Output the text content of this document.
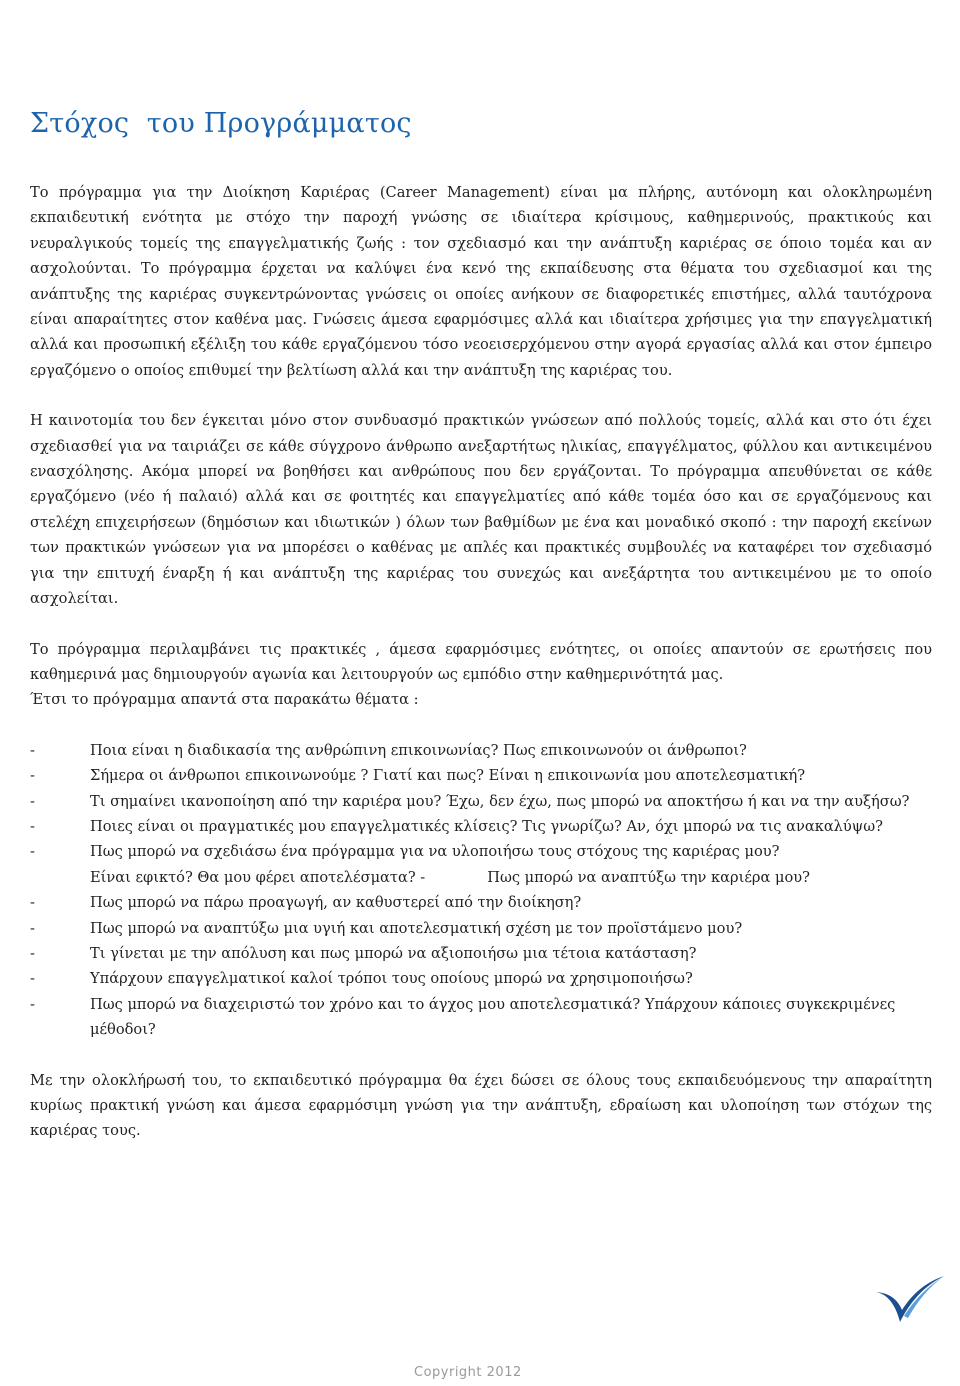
Στόχος  του Προγράμματος

Το πρόγραμμα για την Διοίκηση Καριέρας (Career Management) είναι μα πλήρης, αυτόνομη και ολοκληρωμένη εκπαιδευτική ενότητα με στόχο την παροχή γνώσης σε ιδιαίτερα κρίσιμους, καθημερινούς, πρακτικούς και νευραλγικούς τομείς της επαγγελματικής ζωής : τον σχεδιασμό και την ανάπτυξη καριέρας σε όποιο τομέα και αν ασχολούνται. Το πρόγραμμα έρχεται να καλύψει ένα κενό της εκπαίδευσης στα θέματα του σχεδιασμοί και της ανάπτυξης της καριέρας συγκεντρώνοντας γνώσεις οι οποίες ανήκουν σε διαφορετικές επιστήμες, αλλά ταυτόχρονα είναι απαραίτητες στον καθένα μας. Γνώσεις άμεσα εφαρμόσιμες αλλά και ιδιαίτερα χρήσιμες για την επαγγελματική αλλά και προσωπική εξέλιξη του κάθε εργαζόμενου τόσο νεοεισερχόμενου στην αγορά εργασίας αλλά και στον έμπειρο εργαζόμενο ο οποίος επιθυμεί την βελτίωση αλλά και την ανάπτυξη της καριέρας του.

Η καινοτομία του δεν έγκειται μόνο στον συνδυασμό πρακτικών γνώσεων από πολλούς τομείς, αλλά και στο ότι έχει σχεδιασθεί για να ταιριάζει σε κάθε σύγχρονο άνθρωπο ανεξαρτήτως ηλικίας, επαγγέλματος, φύλλου και αντικειμένου ενασχόλησης. Ακόμα μπορεί να βοηθήσει και ανθρώπους που δεν εργάζονται. Το πρόγραμμα απευθύνεται σε κάθε εργαζόμενο (νέο ή παλαιό) αλλά και σε φοιτητές και επαγγελματίες από κάθε τομέα όσο και σε εργαζόμενους και στελέχη επιχειρήσεων (δημόσιων και ιδιωτικών ) όλων των βαθμίδων με ένα και μοναδικό σκοπό : την παροχή εκείνων των πρακτικών γνώσεων για να μπορέσει ο καθένας με απλές και πρακτικές συμβουλές να καταφέρει τον σχεδιασμό για την επιτυχή έναρξη ή και ανάπτυξη της καριέρας του συνεχώς και ανεξάρτητα του αντικειμένου με το οποίο ασχολείται.

Το πρόγραμμα περιλαμβάνει τις πρακτικές , άμεσα εφαρμόσιμες ενότητες, οι οποίες απαντούν σε ερωτήσεις που καθημερινά μας δημιουργούν αγωνία και λειτουργούν ως εμπόδιο στην καθημερινότητά μας.
Έτσι το πρόγραμμα απαντά στα παρακάτω θέματα :

-	Ποια είναι η διαδικασία της ανθρώπινη επικοινωνίας? Πως επικοινωνούν οι άνθρωποι?
-	Σήμερα οι άνθρωποι επικοινωνούμε ? Γιατί και πως? Είναι η επικοινωνία μου αποτελεσματική?
-	Τι σημαίνει ικανοποίηση από την καριέρα μου? Έχω, δεν έχω, πως μπορώ να αποκτήσω ή και να την αυξήσω?
-	Ποιες είναι οι πραγματικές μου επαγγελματικές κλίσεις? Τις γνωρίζω? Αν, όχι μπορώ να τις ανακαλύψω?
-	Πως μπορώ να σχεδιάσω ένα πρόγραμμα για να υλοποιήσω τους στόχους της καριέρας μου?
Είναι εφικτό? Θα μου φέρει αποτελέσματα? -	Πως μπορώ να αναπτύξω την καριέρα μου?
-	Πως μπορώ να πάρω προαγωγή, αν καθυστερεί από την διοίκηση?
-	Πως μπορώ να αναπτύξω μια υγιή και αποτελεσματική σχέση με τον προϊστάμενο μου?
-	Τι γίνεται με την απόλυση και πως μπορώ να αξιοποιήσω μια τέτοια κατάσταση?
-	Υπάρχουν επαγγελματικοί καλοί τρόποι τους οποίους μπορώ να χρησιμοποιήσω?
-	Πως μπορώ να διαχειριστώ τον χρόνο και το άγχος μου αποτελεσματικά? Υπάρχουν κάποιες συγκεκριμένες μέθοδοι?

Με την ολοκλήρωσή του, το εκπαιδευτικό πρόγραμμα θα έχει δώσει σε όλους τους εκπαιδευόμενους την απαραίτητη κυρίως πρακτική γνώση και άμεσα εφαρμόσιμη γνώση για την ανάπτυξη, εδραίωση και υλοποίηση των στόχων της καριέρας τους.

Copyright 2012
